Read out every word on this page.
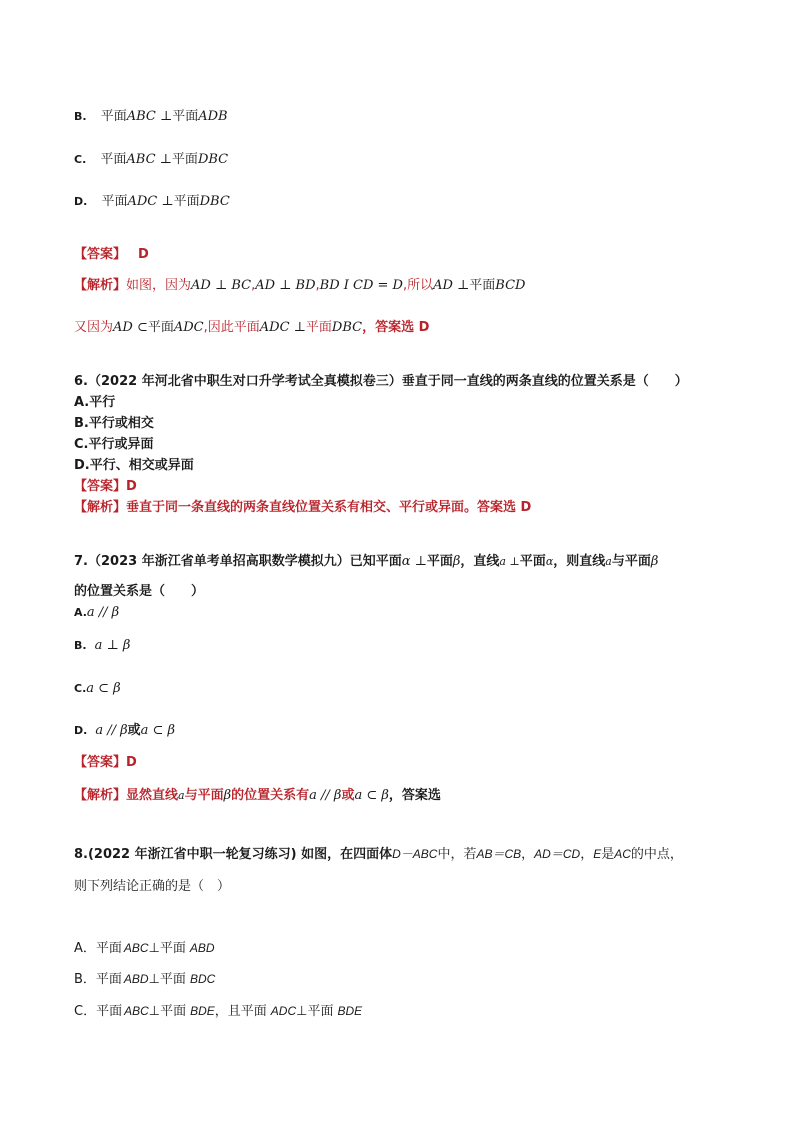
B. 平面ABC ⊥平面ADB
C. 平面ABC ⊥平面DBC
D. 平面ADC ⊥平面DBC
【答案】 D
【解析】如图，因为AD ⊥ BC,AD ⊥ BD,BD I CD = D,所以AD ⊥平面BCD
又因为AD ⊂平面ADC,因此平面ADC ⊥平面DBC，答案选 D
6.（2022 年河北省中职生对口升学考试全真模拟卷三）垂直于同一直线的两条直线的位置关系是（　　）
A.平行
B.平行或相交
C.平行或异面
D.平行、相交或异面
【答案】D
【解析】垂直于同一条直线的两条直线位置关系有相交、平行或异面。答案选 D
7.（2023 年浙江省单考单招高职数学模拟九）已知平面α ⊥平面β，直线a ⊥平面α，则直线a与平面β
的位置关系是（　　）
A.a // β
B. a ⊥ β
C.a ⊂ β
D. a // β或a ⊂ β
【答案】D
【解析】显然直线a与平面β的位置关系有a // β或a ⊂ β，答案选
8.(2022 年浙江省中职一轮复习练习) 如图，在四面体D－ABC中，若AB＝CB，AD＝CD，E是AC的中点，
则下列结论正确的是（　）
A．平面 ABC⊥平面 ABD
B．平面 ABD⊥平面 BDC
C．平面 ABC⊥平面 BDE，且平面 ADC⊥平面 BDE
